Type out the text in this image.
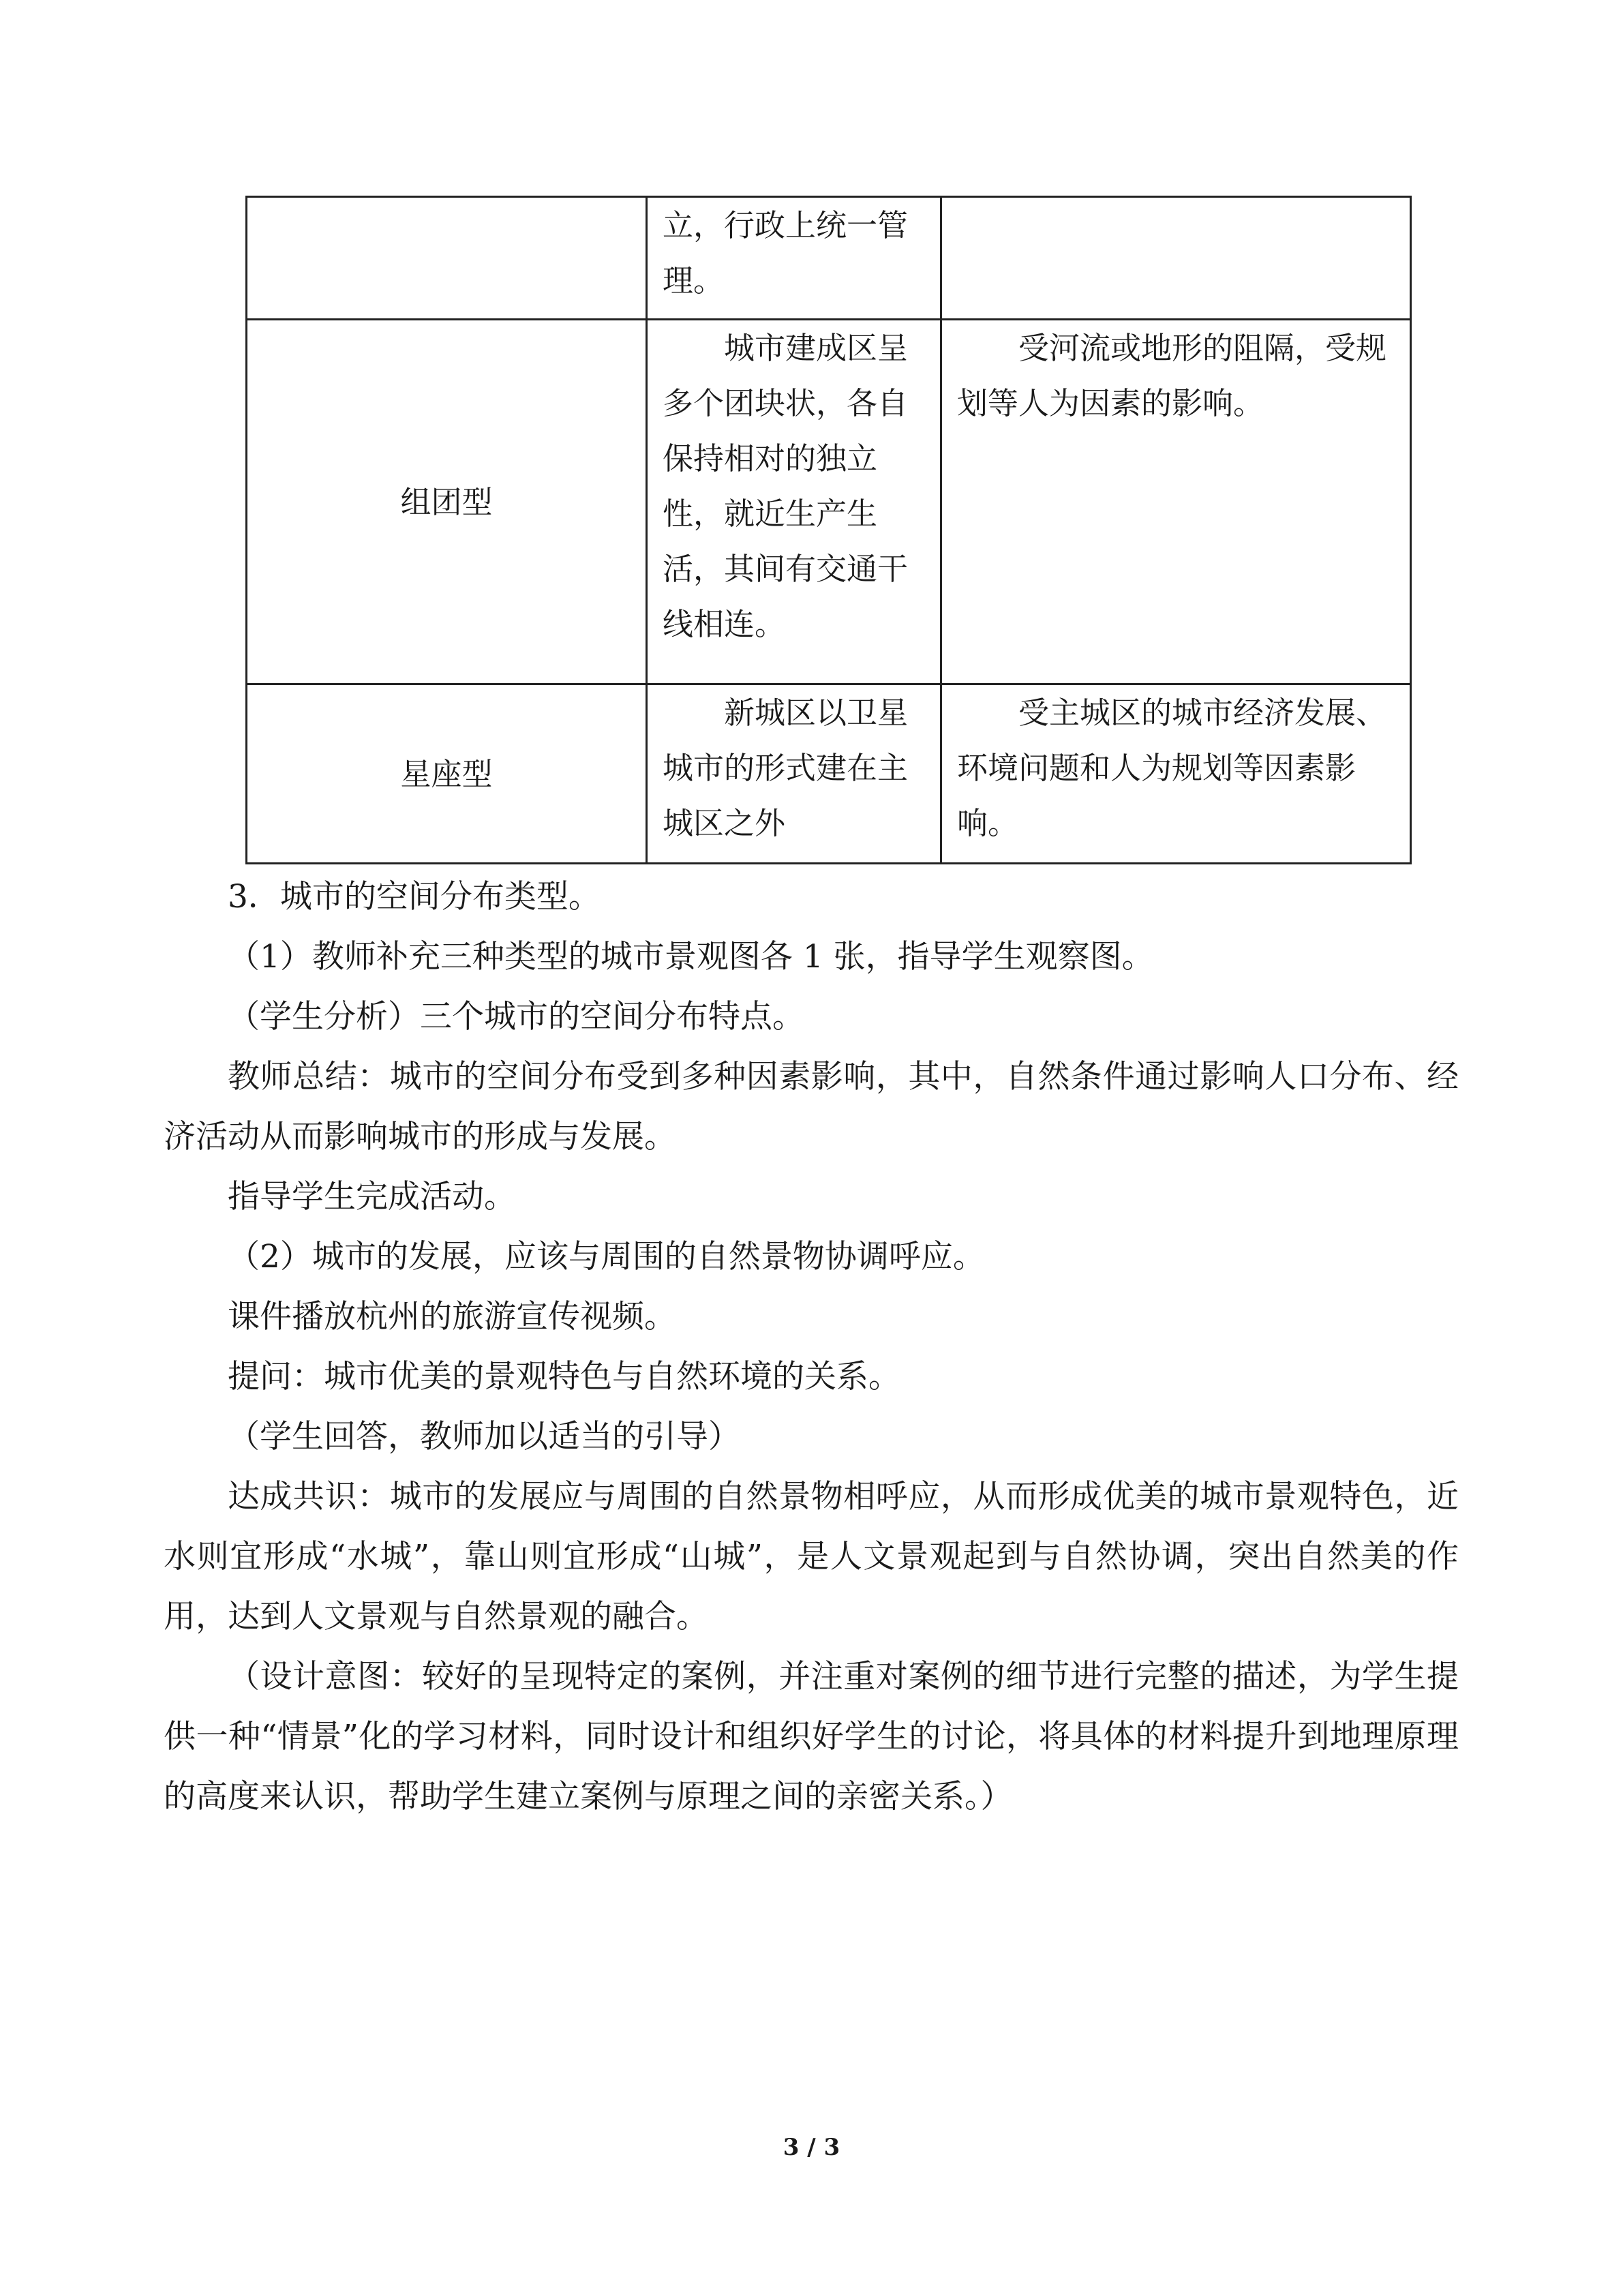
	立，行政上统一管理。	
组团型	城市建成区呈多个团块状，各自保持相对的独立性，就近生产生活，其间有交通干线相连。	受河流或地形的阻隔，受规划等人为因素的影响。
星座型	新城区以卫星城市的形式建在主城区之外	受主城区的城市经济发展、环境问题和人为规划等因素影响。

3．城市的空间分布类型。

（1）教师补充三种类型的城市景观图各 1 张，指导学生观察图。

（学生分析）三个城市的空间分布特点。

教师总结：城市的空间分布受到多种因素影响，其中，自然条件通过影响人口分布、经济活动从而影响城市的形成与发展。

指导学生完成活动。

（2）城市的发展，应该与周围的自然景物协调呼应。

课件播放杭州的旅游宣传视频。

提问：城市优美的景观特色与自然环境的关系。

（学生回答，教师加以适当的引导）

达成共识：城市的发展应与周围的自然景物相呼应，从而形成优美的城市景观特色，近水则宜形成“水城”，靠山则宜形成“山城”，是人文景观起到与自然协调，突出自然美的作用，达到人文景观与自然景观的融合。

（设计意图：较好的呈现特定的案例，并注重对案例的细节进行完整的描述，为学生提供一种“情景”化的学习材料，同时设计和组织好学生的讨论，将具体的材料提升到地理原理的高度来认识，帮助学生建立案例与原理之间的亲密关系。）

3 / 3
